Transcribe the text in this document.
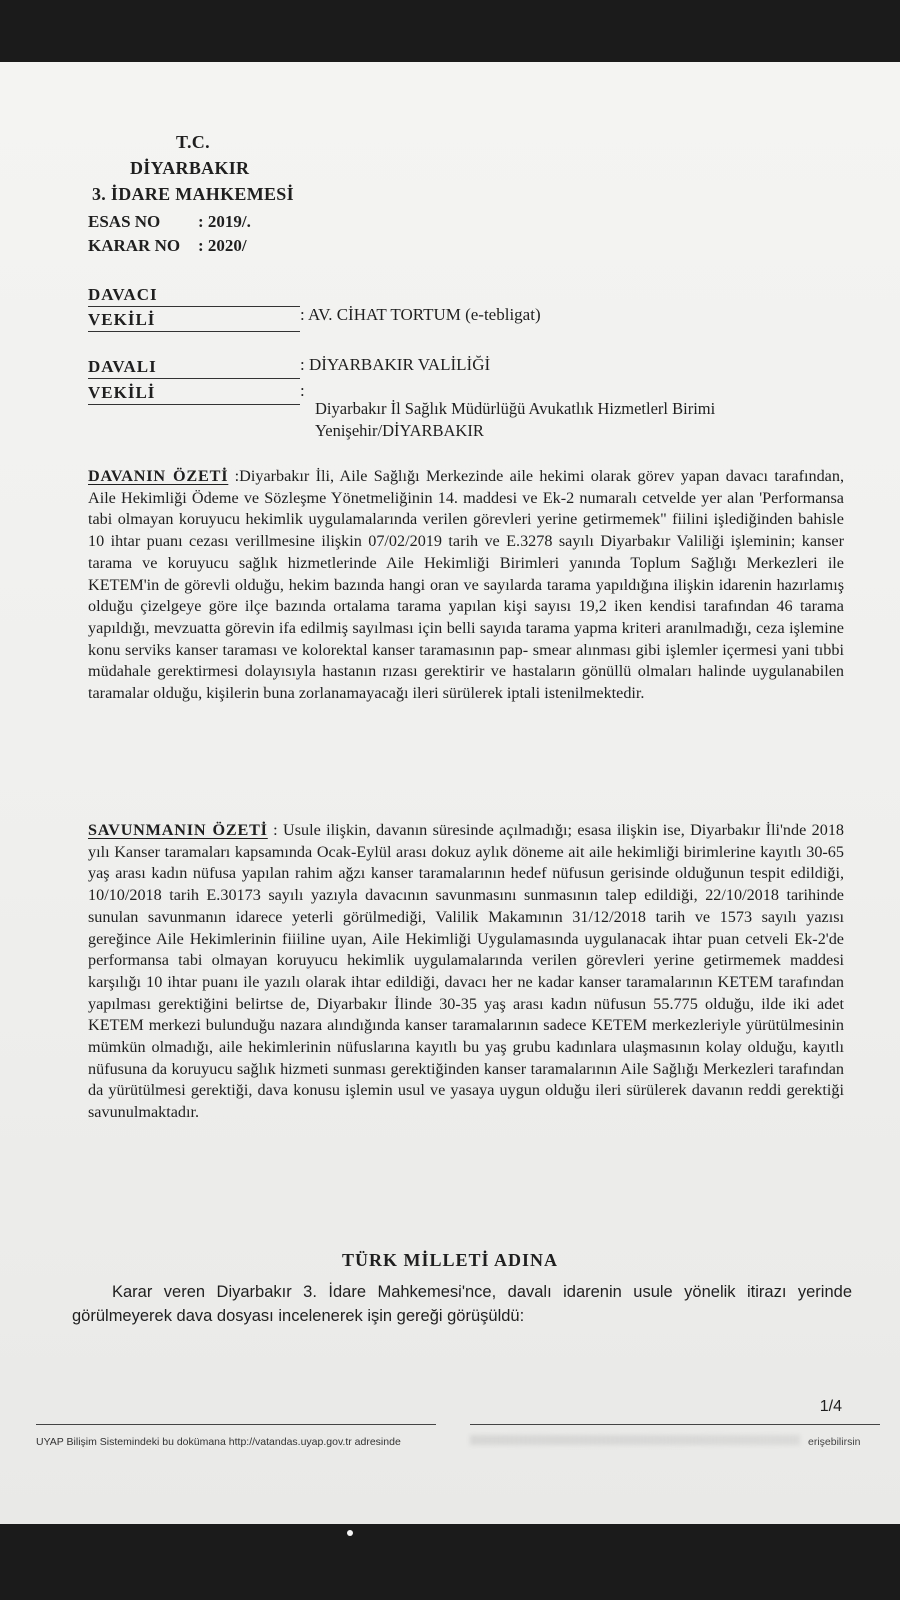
T.C.
DİYARBAKIR
3. İDARE MAHKEMESİ
ESAS NO : 2019/.
KARAR NO : 2020/
DAVACI
VEKİLİ	: AV. CİHAT TORTUM (e-tebligat)
DAVALI	: DİYARBAKIR VALİLİĞİ
VEKİLİ	:
Diyarbakır İl Sağlık Müdürlüğü Avukatlık Hizmetlerl Birimi
Yenişehir/DİYARBAKIR
DAVANIN ÖZETİ :Diyarbakır İli, Aile Sağlığı Merkezinde aile hekimi olarak görev yapan davacı tarafından, Aile Hekimliği Ödeme ve Sözleşme Yönetmeliğinin 14. maddesi ve Ek-2 numaralı cetvelde yer alan 'Performansa tabi olmayan koruyucu hekimlik uygulamalarında verilen görevleri yerine getirmemek" fiilini işlediğinden bahisle 10 ihtar puanı cezası verillmesine ilişkin 07/02/2019 tarih ve E.3278 sayılı Diyarbakır Valiliği işleminin; kanser tarama ve koruyucu sağlık hizmetlerinde Aile Hekimliği Birimleri yanında Toplum Sağlığı Merkezleri ile KETEM'in de görevli olduğu, hekim bazında hangi oran ve sayılarda tarama yapıldığına ilişkin idarenin hazırlamış olduğu çizelgeye göre ilçe bazında ortalama tarama yapılan kişi sayısı 19,2 iken kendisi tarafından 46 tarama yapıldığı, mevzuatta görevin ifa edilmiş sayılması için belli sayıda tarama yapma kriteri aranılmadığı, ceza işlemine konu serviks kanser taraması ve kolorektal kanser taramasının pap- smear alınması gibi işlemler içermesi yani tıbbi müdahale gerektirmesi dolayısıyla hastanın rızası gerektirir ve hastaların gönüllü olmaları halinde uygulanabilen taramalar olduğu, kişilerin buna zorlanamayacağı ileri sürülerek iptali istenilmektedir.
SAVUNMANIN ÖZETİ : Usule ilişkin, davanın süresinde açılmadığı; esasa ilişkin ise, Diyarbakır İli'nde 2018 yılı Kanser taramaları kapsamında Ocak-Eylül arası dokuz aylık döneme ait aile hekimliği birimlerine kayıtlı 30-65 yaş arası kadın nüfusa yapılan rahim ağzı kanser taramalarının hedef nüfusun gerisinde olduğunun tespit edildiği, 10/10/2018 tarih E.30173 sayılı yazıyla davacının savunmasını sunmasının talep edildiği, 22/10/2018 tarihinde sunulan savunmanın idarece yeterli görülmediği, Valilik Makamının 31/12/2018 tarih ve 1573 sayılı yazısı gereğince Aile Hekimlerinin fiiiline uyan, Aile Hekimliği Uygulamasında uygulanacak ihtar puan cetveli Ek-2'de performansa tabi olmayan koruyucu hekimlik uygulamalarında verilen görevleri yerine getirmemek maddesi karşılığı 10 ihtar puanı ile yazılı olarak ihtar edildiği, davacı her ne kadar kanser taramalarının KETEM tarafından yapılması gerektiğini belirtse de, Diyarbakır İlinde 30-35 yaş arası kadın nüfusun 55.775 olduğu, ilde iki adet KETEM merkezi bulunduğu nazara alındığında kanser taramalarının sadece KETEM merkezleriyle yürütülmesinin mümkün olmadığı, aile hekimlerinin nüfuslarına kayıtlı bu yaş grubu kadınlara ulaşmasının kolay olduğu, kayıtlı nüfusuna da koruyucu sağlık hizmeti sunması gerektiğinden kanser taramalarının Aile Sağlığı Merkezleri tarafından da yürütülmesi gerektiği, dava konusu işlemin usul ve yasaya uygun olduğu ileri sürülerek davanın reddi gerektiği savunulmaktadır.
TÜRK MİLLETİ ADINA
Karar veren Diyarbakır 3. İdare Mahkemesi'nce, davalı idarenin usule yönelik itirazı yerinde görülmeyerek dava dosyası incelenerek işin gereği görüşüldü:
1/4
UYAP Bilişim Sistemindeki bu dokümana http://vatandas.uyap.gov.tr adresinde	erişebilirsin
